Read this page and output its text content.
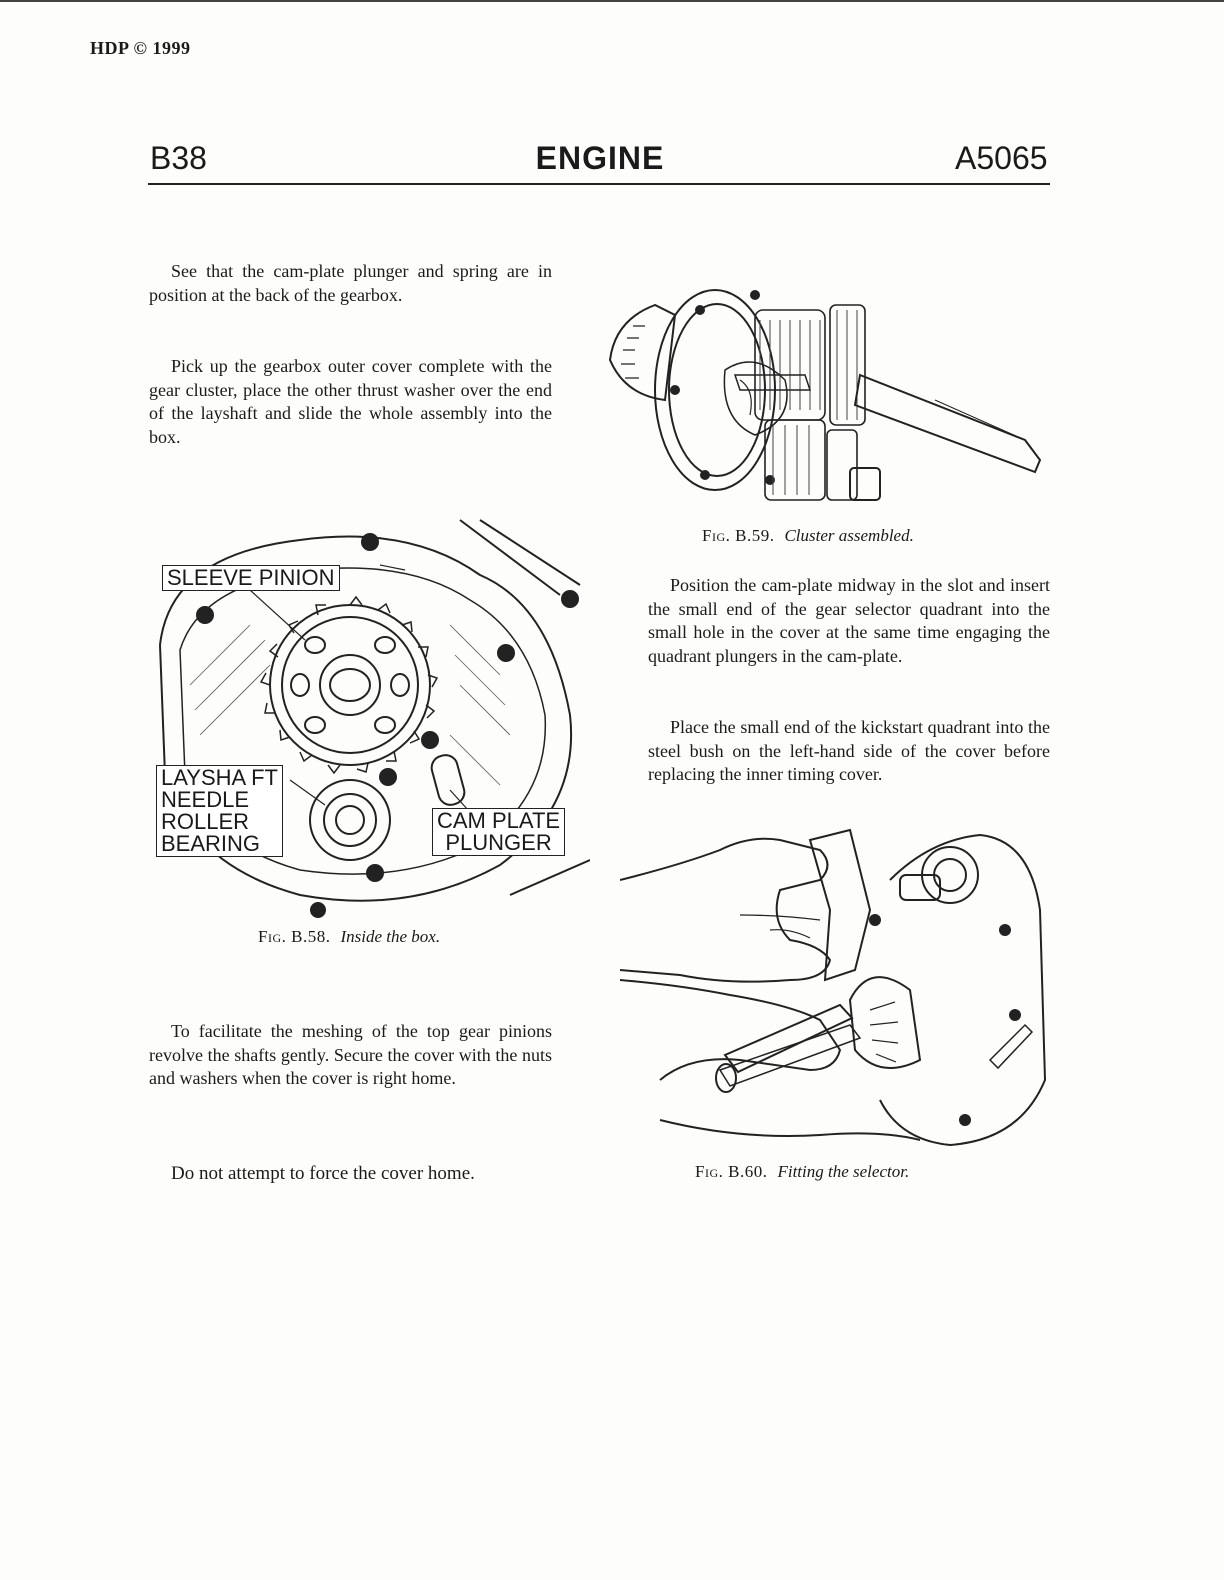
HDP © 1999
B38	ENGINE	A5065

See that the cam-plate plunger and spring are in position at the back of the gearbox.

Pick up the gearbox outer cover complete with the gear cluster, place the other thrust washer over the end of the layshaft and slide the whole assembly into the box.

SLEEVE PINION
LAYSHA FT
NEEDLE
ROLLER
BEARING
CAM PLATE
PLUNGER
Fig. B.58. Inside the box.

To facilitate the meshing of the top gear pinions revolve the shafts gently. Secure the cover with the nuts and washers when the cover is right home.

Do not attempt to force the cover home.

Fig. B.59. Cluster assembled.

Position the cam-plate midway in the slot and insert the small end of the gear selector quadrant into the small hole in the cover at the same time engaging the quadrant plungers in the cam-plate.

Place the small end of the kickstart quadrant into the steel bush on the left-hand side of the cover before replacing the inner timing cover.

Fig. B.60. Fitting the selector.
